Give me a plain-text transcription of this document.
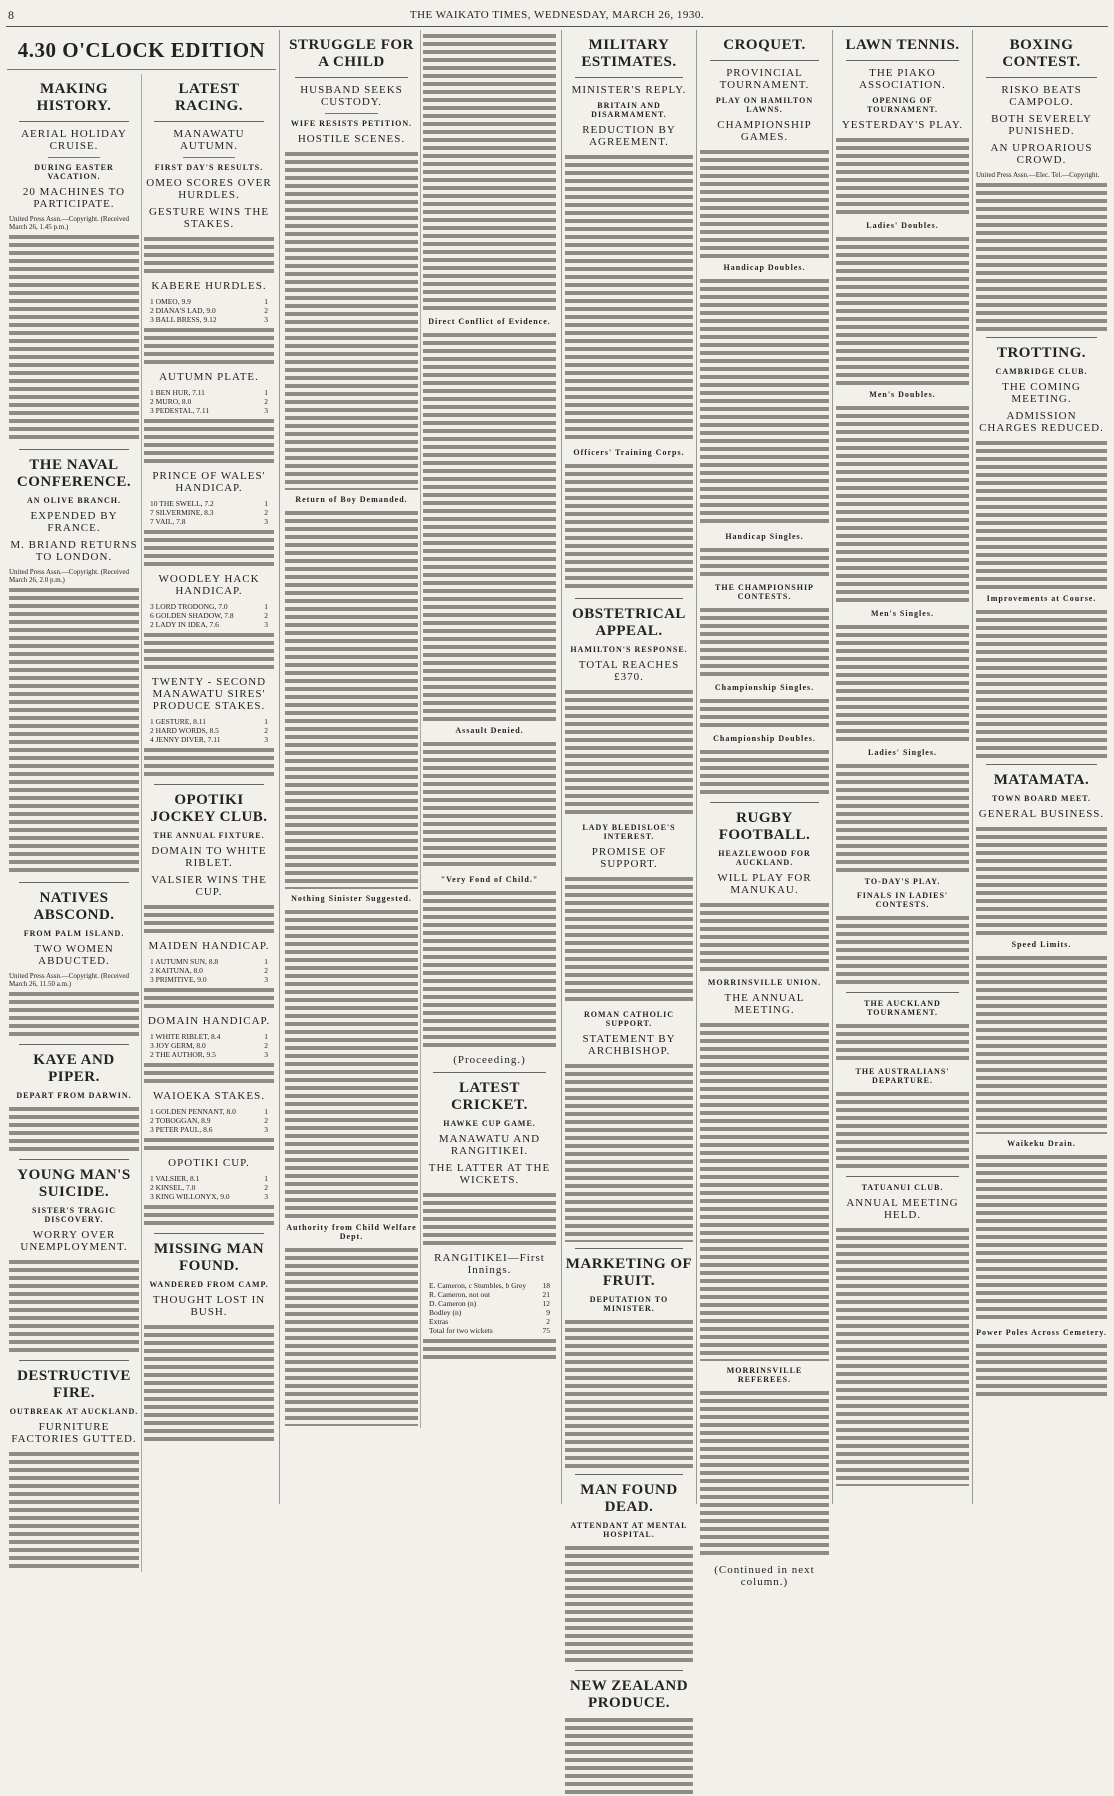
8	THE WAIKATO TIMES, WEDNESDAY, MARCH 26, 1930.
4.30 O'CLOCK EDITION
MAKING HISTORY.
AERIAL HOLIDAY CRUISE.
DURING EASTER VACATION.
20 MACHINES TO PARTICIPATE.
United Press Assn.—Copyright. (Received March 26, 1.45 p.m.)
THE NAVAL CONFERENCE.
AN OLIVE BRANCH.
EXPENDED BY FRANCE.
M. BRIAND RETURNS TO LONDON.
United Press Assn.—Copyright. (Received March 26, 2.0 p.m.)
NATIVES ABSCOND.
FROM PALM ISLAND.
TWO WOMEN ABDUCTED.
United Press Assn.—Copyright. (Received March 26, 11.50 a.m.)
KAYE AND PIPER.
DEPART FROM DARWIN.
YOUNG MAN'S SUICIDE.
SISTER'S TRAGIC DISCOVERY.
WORRY OVER UNEMPLOYMENT.
DESTRUCTIVE FIRE.
OUTBREAK AT AUCKLAND.
FURNITURE FACTORIES GUTTED.
LATEST RACING.
MANAWATU AUTUMN.
FIRST DAY'S RESULTS.
OMEO SCORES OVER HURDLES.
GESTURE WINS THE STAKES.
KABERE HURDLES.
1 OMEO, 9.9	1
2 DIANA'S LAD, 9.0	2
3 BALL BRESS, 9.12	3
AUTUMN PLATE.
1 BEN HUR, 7.11	1
2 MURO, 8.0	2
3 PEDESTAL, 7.11	3
PRINCE OF WALES' HANDICAP.
10 THE SWELL, 7.2	1
7 SILVERMINE, 8.3	2
7 VAIL, 7.8	3
WOODLEY HACK HANDICAP.
3 LORD TRODONG, 7.0	1
6 GOLDEN SHADOW, 7.8	2
2 LADY IN IDEA, 7.6	3
TWENTY - SECOND MANAWATU SIRES' PRODUCE STAKES.
1 GESTURE, 8.11	1
2 HARD WORDS, 8.5	2
4 JENNY DIVER, 7.11	3
OPOTIKI JOCKEY CLUB.
THE ANNUAL FIXTURE.
DOMAIN TO WHITE RIBLET.
VALSIER WINS THE CUP.
MAIDEN HANDICAP.
1 AUTUMN SUN, 8.8	1
2 KAITUNA, 8.0	2
3 PRIMITIVE, 9.0	3
DOMAIN HANDICAP.
1 WHITE RIBLET, 8.4	1
3 JOY GERM, 8.0	2
2 THE AUTHOR, 9.5	3
WAIOEKA STAKES.
1 GOLDEN PENNANT, 8.0	1
2 TOBOGGAN, 8.9	2
3 PETER PAUL, 8.6	3
OPOTIKI CUP.
1 VALSIER, 8.1	1
2 KINSEL, 7.0	2
3 KING WILLONYX, 9.0	3
MISSING MAN FOUND.
WANDERED FROM CAMP.
THOUGHT LOST IN BUSH.
STRUGGLE FOR A CHILD
HUSBAND SEEKS CUSTODY.
WIFE RESISTS PETITION.
HOSTILE SCENES.
Return of Boy Demanded.
Nothing Sinister Suggested.
Authority from Child Welfare Dept.
Direct Conflict of Evidence.
Assault Denied.
"Very Fond of Child."
(Proceeding.)
LATEST CRICKET.
HAWKE CUP GAME.
MANAWATU AND RANGITIKEI.
THE LATTER AT THE WICKETS.
RANGITIKEI—First Innings.
E. Cameron, c Stumbles, b Grey 18
R. Cameron, not out	21
D. Cameron (n)	12
Bodley (n)	9
Extras	2
Total for two wickets	75
MILITARY ESTIMATES.
MINISTER'S REPLY.
BRITAIN AND DISARMAMENT.
REDUCTION BY AGREEMENT.
Officers' Training Corps.
OBSTETRICAL APPEAL.
HAMILTON'S RESPONSE.
TOTAL REACHES £370.
LADY BLEDISLOE'S INTEREST.
PROMISE OF SUPPORT.
ROMAN CATHOLIC SUPPORT.
STATEMENT BY ARCHBISHOP.
MARKETING OF FRUIT.
DEPUTATION TO MINISTER.
MAN FOUND DEAD.
ATTENDANT AT MENTAL HOSPITAL.
NEW ZEALAND PRODUCE.
CROQUET.
PROVINCIAL TOURNAMENT.
PLAY ON HAMILTON LAWNS.
CHAMPIONSHIP GAMES.
Handicap Doubles.
Handicap Singles.
THE CHAMPIONSHIP CONTESTS.
Championship Singles.
Championship Doubles.
RUGBY FOOTBALL.
HEAZLEWOOD FOR AUCKLAND.
WILL PLAY FOR MANUKAU.
MORRINSVILLE UNION.
THE ANNUAL MEETING.
MORRINSVILLE REFEREES.
(Continued in next column.)
LAWN TENNIS.
THE PIAKO ASSOCIATION.
OPENING OF TOURNAMENT.
YESTERDAY'S PLAY.
Ladies' Doubles.
Men's Doubles.
Men's Singles.
Ladies' Singles.
TO-DAY'S PLAY.
FINALS IN LADIES' CONTESTS.
THE AUCKLAND TOURNAMENT.
THE AUSTRALIANS' DEPARTURE.
TATUANUI CLUB.
ANNUAL MEETING HELD.
BOXING CONTEST.
RISKO BEATS CAMPOLO.
BOTH SEVERELY PUNISHED.
AN UPROARIOUS CROWD.
United Press Assn.—Elec. Tel.—Copyright.
TROTTING.
CAMBRIDGE CLUB.
THE COMING MEETING.
ADMISSION CHARGES REDUCED.
Improvements at Course.
MATAMATA.
TOWN BOARD MEET.
GENERAL BUSINESS.
Speed Limits.
Waikeku Drain.
Power Poles Across Cemetery.
